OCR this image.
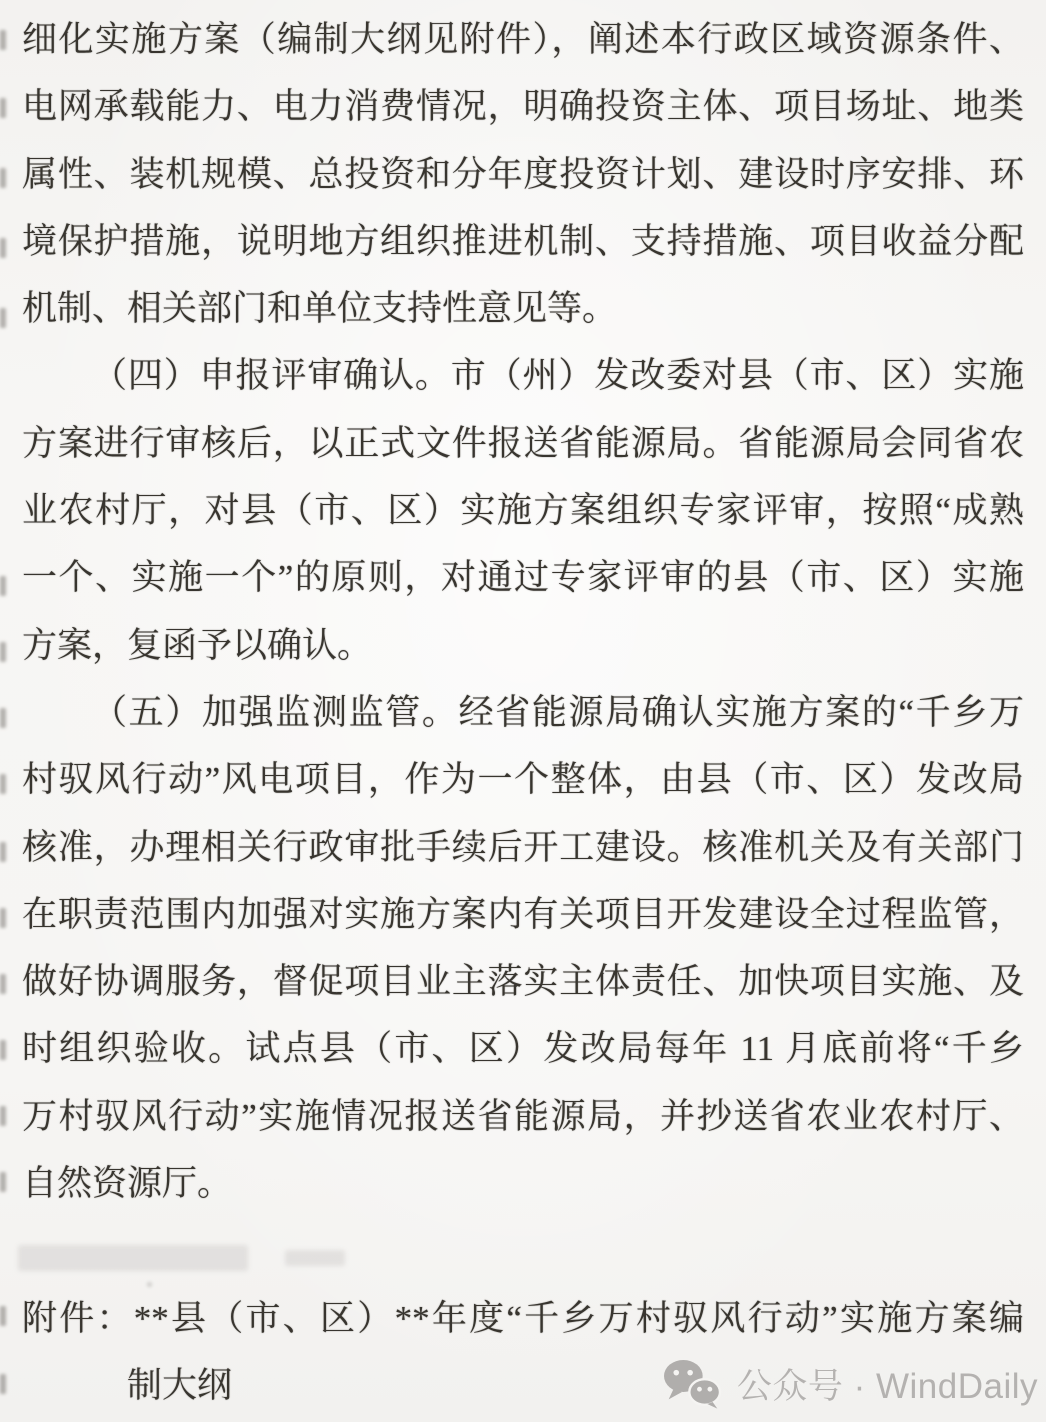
细化实施方案（编制大纲见附件），阐述本行政区域资源条件、
电网承载能力、电力消费情况，明确投资主体、项目场址、地类
属性、装机规模、总投资和分年度投资计划、建设时序安排、环
境保护措施，说明地方组织推进机制、支持措施、项目收益分配
机制、相关部门和单位支持性意见等。
（四）申报评审确认。市（州）发改委对县（市、区）实施
方案进行审核后，以正式文件报送省能源局。省能源局会同省农
业农村厅，对县（市、区）实施方案组织专家评审，按照“成熟
一个、实施一个”的原则，对通过专家评审的县（市、区）实施
方案，复函予以确认。
（五）加强监测监管。经省能源局确认实施方案的“千乡万
村驭风行动”风电项目，作为一个整体，由县（市、区）发改局
核准，办理相关行政审批手续后开工建设。核准机关及有关部门
在职责范围内加强对实施方案内有关项目开发建设全过程监管，
做好协调服务，督促项目业主落实主体责任、加快项目实施、及
时组织验收。试点县（市、区）发改局每年 11 月底前将“千乡
万村驭风行动”实施情况报送省能源局，并抄送省农业农村厅、
自然资源厅。
附件：**县（市、区）**年度“千乡万村驭风行动”实施方案编
制大纲	公众号 · WindDaily
